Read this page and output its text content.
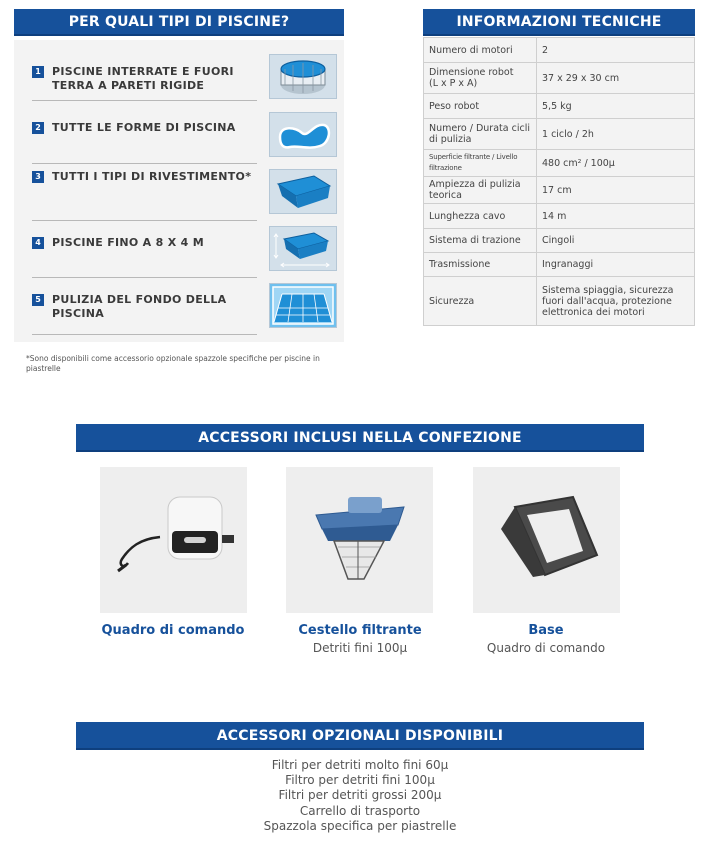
PER QUALI TIPI DI PISCINE?
1 PISCINE INTERRATE E FUORI TERRA A PARETI RIGIDE
2 TUTTE LE FORME DI PISCINA
3 TUTTI I TIPI DI RIVESTIMENTO*
4 PISCINE FINO A 8 X 4 M
5 PULIZIA DEL FONDO DELLA PISCINA
*Sono disponibili come accessorio opzionale spazzole specifiche per piscine in piastrelle
INFORMAZIONI TECNICHE
Numero di motori	2
Dimensione robot
(L x P x A)	37 x 29 x 30 cm
Peso robot	5,5 kg
Numero / Durata cicli di pulizia	1 ciclo / 2h
Superficie filtrante / Livello filtrazione	480 cm² / 100µ
Ampiezza di pulizia teorica	17 cm
Lunghezza cavo	14 m
Sistema di trazione	Cingoli
Trasmissione	Ingranaggi
Sicurezza	Sistema spiaggia, sicurezza fuori dall'acqua, protezione elettronica dei motori
ACCESSORI INCLUSI NELLA CONFEZIONE
Quadro di comando	Cestello filtrante
Detriti fini 100µ
Base
Quadro di comando
ACCESSORI OPZIONALI DISPONIBILI
Filtri per detriti molto fini 60µ
Filtro per detriti fini 100µ
Filtri per detriti grossi 200µ
Carrello di trasporto
Spazzola specifica per piastrelle
